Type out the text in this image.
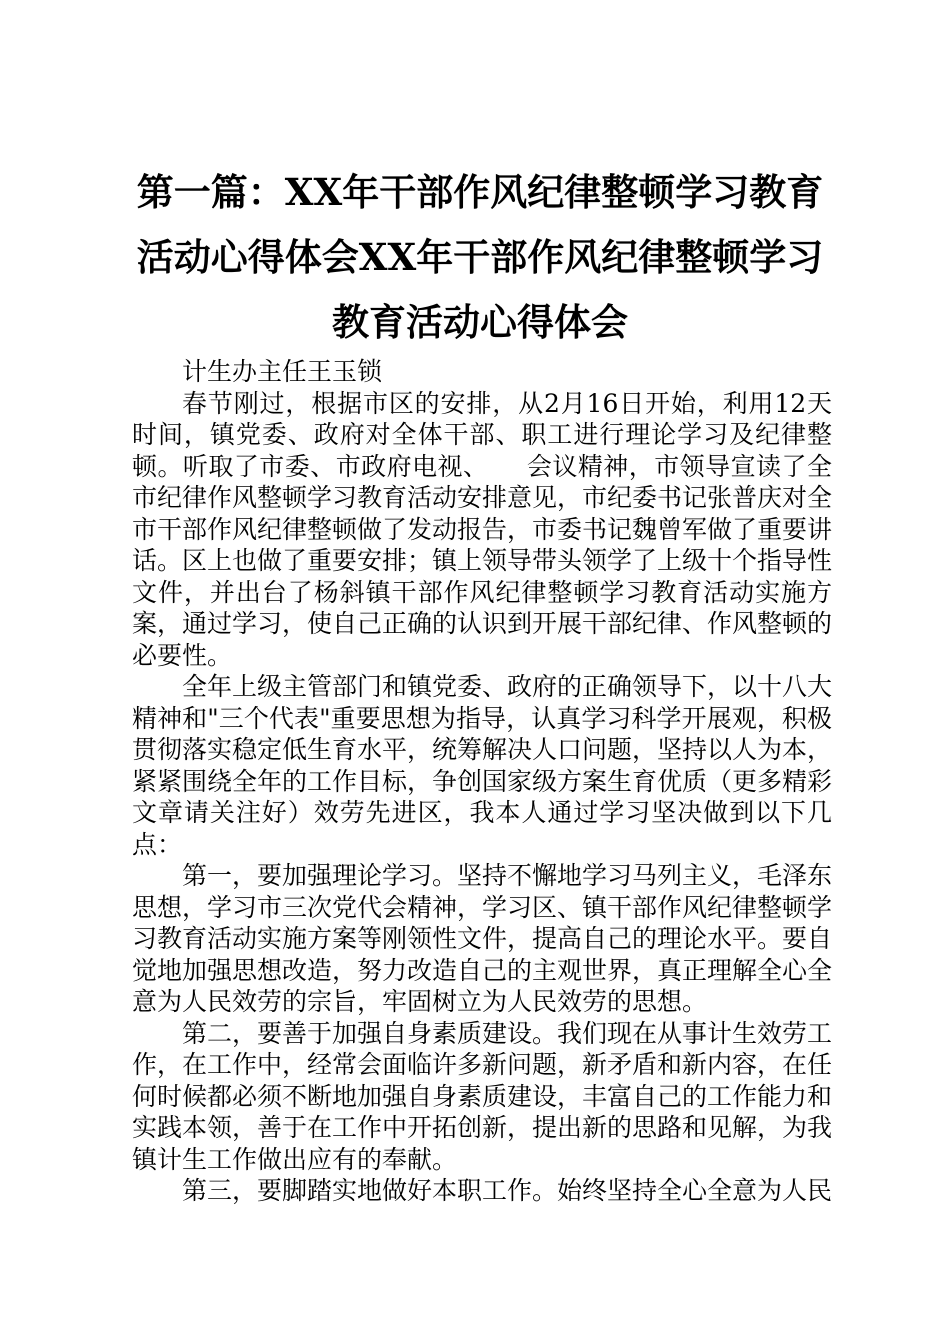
第一篇：XX年干部作风纪律整顿学习教育活动心得体会XX年干部作风纪律整顿学习教育活动心得体会

计生办主任王玉锁

春节刚过，根据市区的安排，从2月16日开始，利用12天时间，镇党委、政府对全体干部、职工进行理论学习及纪律整顿。听取了市委、市政府电视、　　会议精神，市领导宣读了全市纪律作风整顿学习教育活动安排意见，市纪委书记张普庆对全市干部作风纪律整顿做了发动报告，市委书记魏曾军做了重要讲话。区上也做了重要安排；镇上领导带头领学了上级十个指导性文件，并出台了杨斜镇干部作风纪律整顿学习教育活动实施方案，通过学习，使自己正确的认识到开展干部纪律、作风整顿的必要性。

全年上级主管部门和镇党委、政府的正确领导下，以十八大精神和"三个代表"重要思想为指导，认真学习科学开展观，积极贯彻落实稳定低生育水平，统筹解决人口问题，坚持以人为本，紧紧围绕全年的工作目标，争创国家级方案生育优质（更多精彩文章请关注好）效劳先进区，我本人通过学习坚决做到以下几点：

第一，要加强理论学习。坚持不懈地学习马列主义，毛泽东思想，学习市三次党代会精神，学习区、镇干部作风纪律整顿学习教育活动实施方案等刚领性文件，提高自己的理论水平。要自觉地加强思想改造，努力改造自己的主观世界，真正理解全心全意为人民效劳的宗旨，牢固树立为人民效劳的思想。

第二，要善于加强自身素质建设。我们现在从事计生效劳工作，在工作中，经常会面临许多新问题，新矛盾和新内容，在任何时候都必须不断地加强自身素质建设，丰富自己的工作能力和实践本领，善于在工作中开拓创新，提出新的思路和见解，为我镇计生工作做出应有的奉献。

第三，要脚踏实地做好本职工作。始终坚持全心全意为人民
